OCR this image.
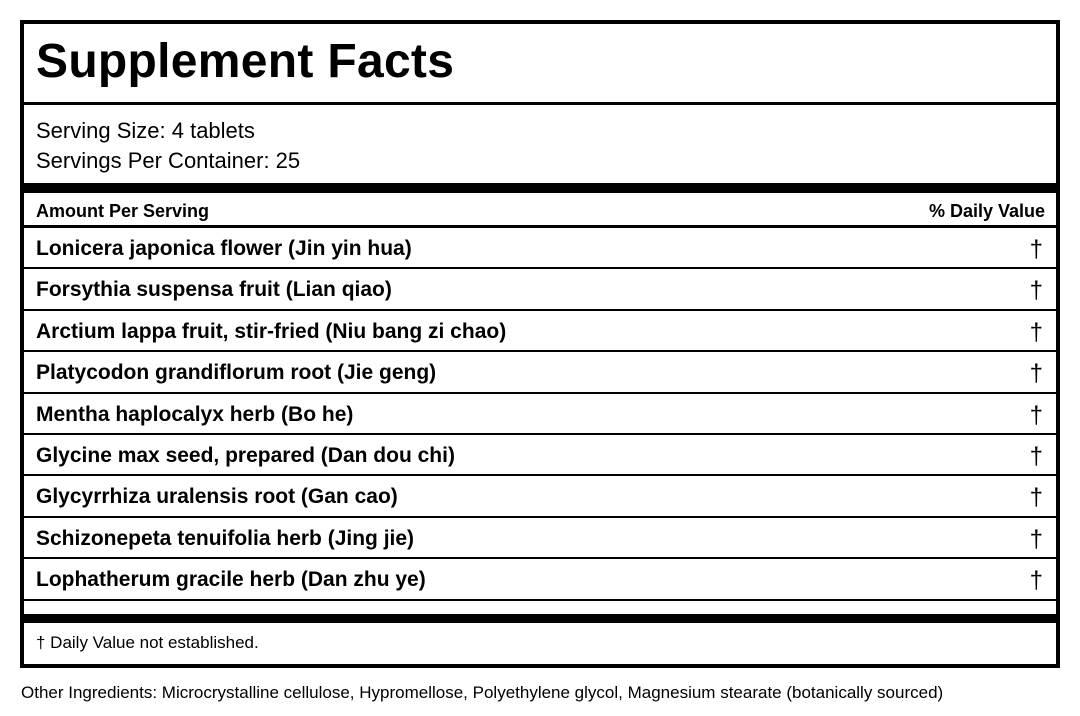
Supplement Facts
Serving Size: 4 tablets
Servings Per Container: 25
Amount Per Serving	% Daily Value
Lonicera japonica flower (Jin yin hua)	†
Forsythia suspensa fruit (Lian qiao)	†
Arctium lappa fruit, stir-fried (Niu bang zi chao)	†
Platycodon grandiflorum root (Jie geng)	†
Mentha haplocalyx herb (Bo he)	†
Glycine max seed, prepared (Dan dou chi)	†
Glycyrrhiza uralensis root (Gan cao)	†
Schizonepeta tenuifolia herb (Jing jie)	†
Lophatherum gracile herb (Dan zhu ye)	†
† Daily Value not established.
Other Ingredients: Microcrystalline cellulose, Hypromellose, Polyethylene glycol, Magnesium stearate (botanically sourced)
